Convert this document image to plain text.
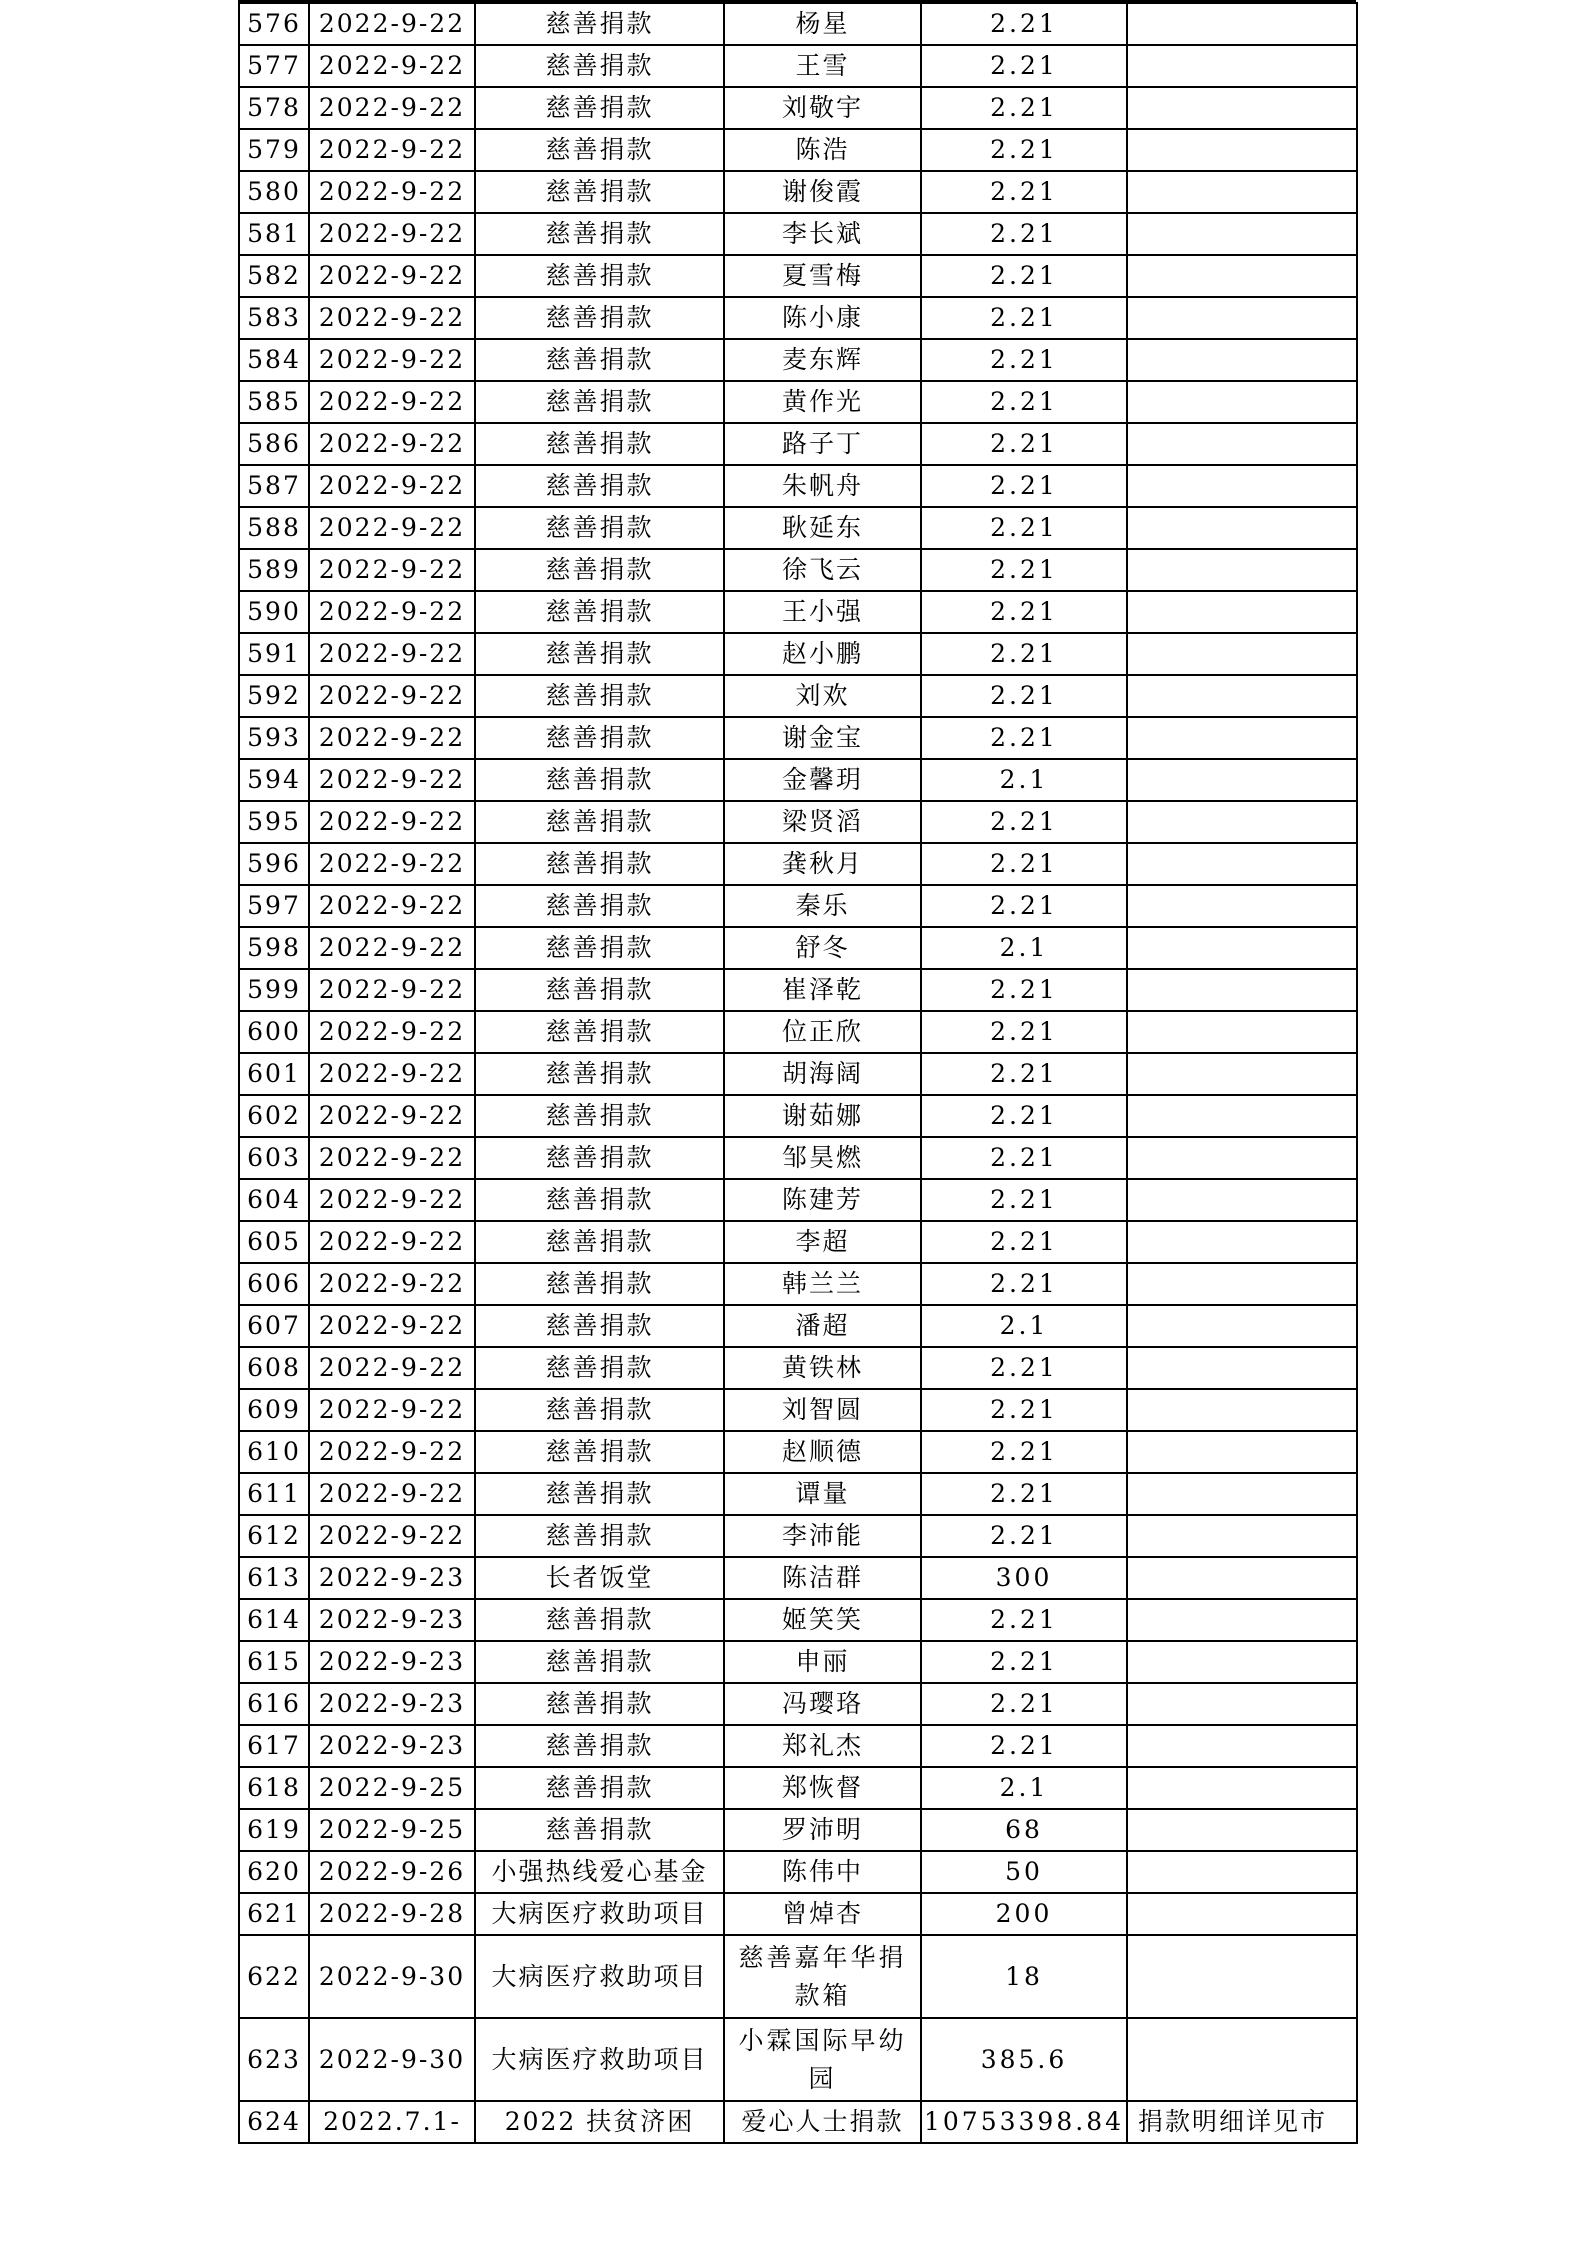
576	2022-9-22	慈善捐款	杨星	2.21	
577	2022-9-22	慈善捐款	王雪	2.21	
578	2022-9-22	慈善捐款	刘敬宇	2.21	
579	2022-9-22	慈善捐款	陈浩	2.21	
580	2022-9-22	慈善捐款	谢俊霞	2.21	
581	2022-9-22	慈善捐款	李长斌	2.21	
582	2022-9-22	慈善捐款	夏雪梅	2.21	
583	2022-9-22	慈善捐款	陈小康	2.21	
584	2022-9-22	慈善捐款	麦东辉	2.21	
585	2022-9-22	慈善捐款	黄作光	2.21	
586	2022-9-22	慈善捐款	路子丁	2.21	
587	2022-9-22	慈善捐款	朱帆舟	2.21	
588	2022-9-22	慈善捐款	耿延东	2.21	
589	2022-9-22	慈善捐款	徐飞云	2.21	
590	2022-9-22	慈善捐款	王小强	2.21	
591	2022-9-22	慈善捐款	赵小鹏	2.21	
592	2022-9-22	慈善捐款	刘欢	2.21	
593	2022-9-22	慈善捐款	谢金宝	2.21	
594	2022-9-22	慈善捐款	金馨玥	2.1	
595	2022-9-22	慈善捐款	梁贤滔	2.21	
596	2022-9-22	慈善捐款	龚秋月	2.21	
597	2022-9-22	慈善捐款	秦乐	2.21	
598	2022-9-22	慈善捐款	舒冬	2.1	
599	2022-9-22	慈善捐款	崔泽乾	2.21	
600	2022-9-22	慈善捐款	位正欣	2.21	
601	2022-9-22	慈善捐款	胡海阔	2.21	
602	2022-9-22	慈善捐款	谢茹娜	2.21	
603	2022-9-22	慈善捐款	邹昊燃	2.21	
604	2022-9-22	慈善捐款	陈建芳	2.21	
605	2022-9-22	慈善捐款	李超	2.21	
606	2022-9-22	慈善捐款	韩兰兰	2.21	
607	2022-9-22	慈善捐款	潘超	2.1	
608	2022-9-22	慈善捐款	黄铁林	2.21	
609	2022-9-22	慈善捐款	刘智圆	2.21	
610	2022-9-22	慈善捐款	赵顺德	2.21	
611	2022-9-22	慈善捐款	谭量	2.21	
612	2022-9-22	慈善捐款	李沛能	2.21	
613	2022-9-23	长者饭堂	陈洁群	300	
614	2022-9-23	慈善捐款	姬笑笑	2.21	
615	2022-9-23	慈善捐款	申丽	2.21	
616	2022-9-23	慈善捐款	冯璎珞	2.21	
617	2022-9-23	慈善捐款	郑礼杰	2.21	
618	2022-9-25	慈善捐款	郑恢督	2.1	
619	2022-9-25	慈善捐款	罗沛明	68	
620	2022-9-26	小强热线爱心基金	陈伟中	50	
621	2022-9-28	大病医疗救助项目	曾焯杏	200	
622	2022-9-30	大病医疗救助项目	慈善嘉年华捐款箱	18	
623	2022-9-30	大病医疗救助项目	小霖国际早幼园	385.6	
624	2022.7.1-	2022 扶贫济困	爱心人士捐款	10753398.84	捐款明细详见市
